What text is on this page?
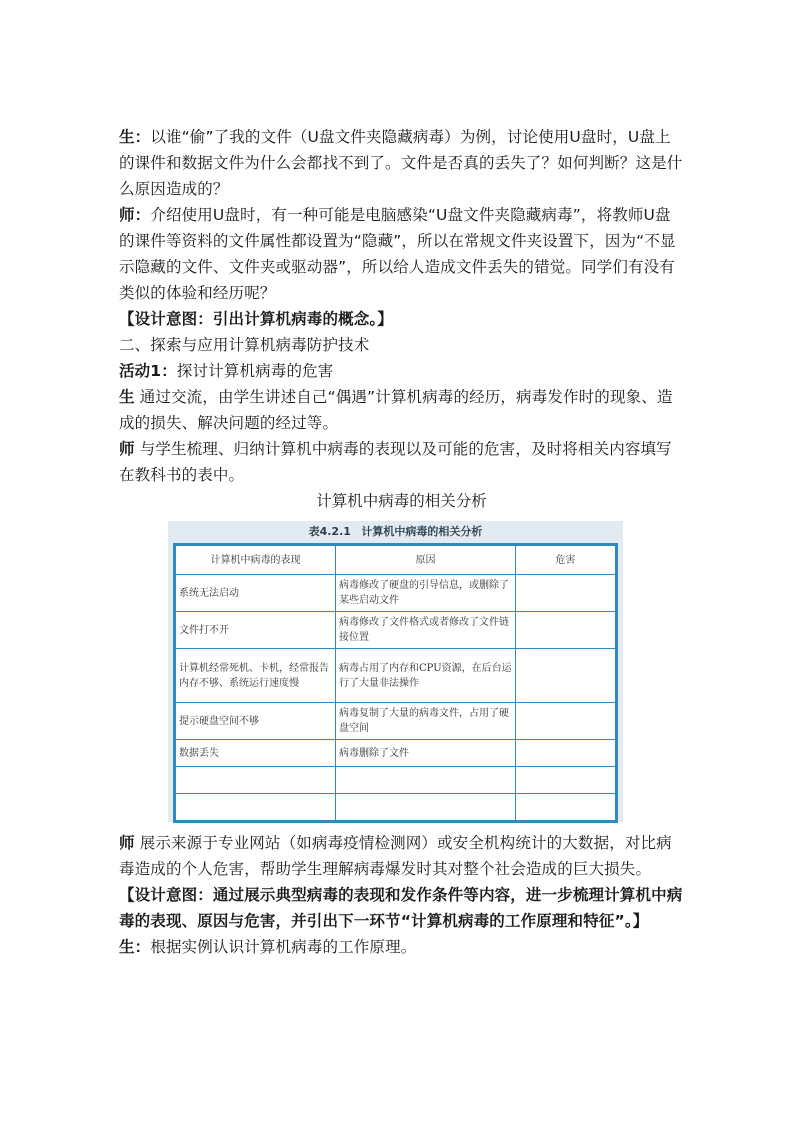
生：以谁“偷”了我的文件（U盘文件夹隐藏病毒）为例，讨论使用U盘时，U盘上的课件和数据文件为什么会都找不到了。文件是否真的丢失了？如何判断？这是什么原因造成的？

师：介绍使用U盘时，有一种可能是电脑感染“U盘文件夹隐藏病毒”，将教师U盘的课件等资料的文件属性都设置为“隐藏”，所以在常规文件夹设置下，因为“不显示隐藏的文件、文件夹或驱动器”，所以给人造成文件丢失的错觉。同学们有没有类似的体验和经历呢？

【设计意图：引出计算机病毒的概念。】

二、探索与应用计算机病毒防护技术

活动1：探讨计算机病毒的危害

生 通过交流，由学生讲述自己“偶遇”计算机病毒的经历，病毒发作时的现象、造成的损失、解决问题的经过等。

师 与学生梳理、归纳计算机中病毒的表现以及可能的危害，及时将相关内容填写在教科书的表中。

计算机中病毒的相关分析

表4.2.1 计算机中病毒的相关分析
计算机中病毒的表现	原因	危害
系统无法启动	病毒修改了硬盘的引导信息，或删除了某些启动文件	
文件打不开	病毒修改了文件格式或者修改了文件链接位置	
计算机经常死机、卡机，经常报告内存不够、系统运行速度慢	病毒占用了内存和CPU资源，在后台运行了大量非法操作	
提示硬盘空间不够	病毒复制了大量的病毒文件，占用了硬盘空间	
数据丢失	病毒删除了文件	

师 展示来源于专业网站（如病毒疫情检测网）或安全机构统计的大数据，对比病毒造成的个人危害，帮助学生理解病毒爆发时其对整个社会造成的巨大损失。

【设计意图：通过展示典型病毒的表现和发作条件等内容，进一步梳理计算机中病毒的表现、原因与危害，并引出下一环节“计算机病毒的工作原理和特征”。】

生：根据实例认识计算机病毒的工作原理。
